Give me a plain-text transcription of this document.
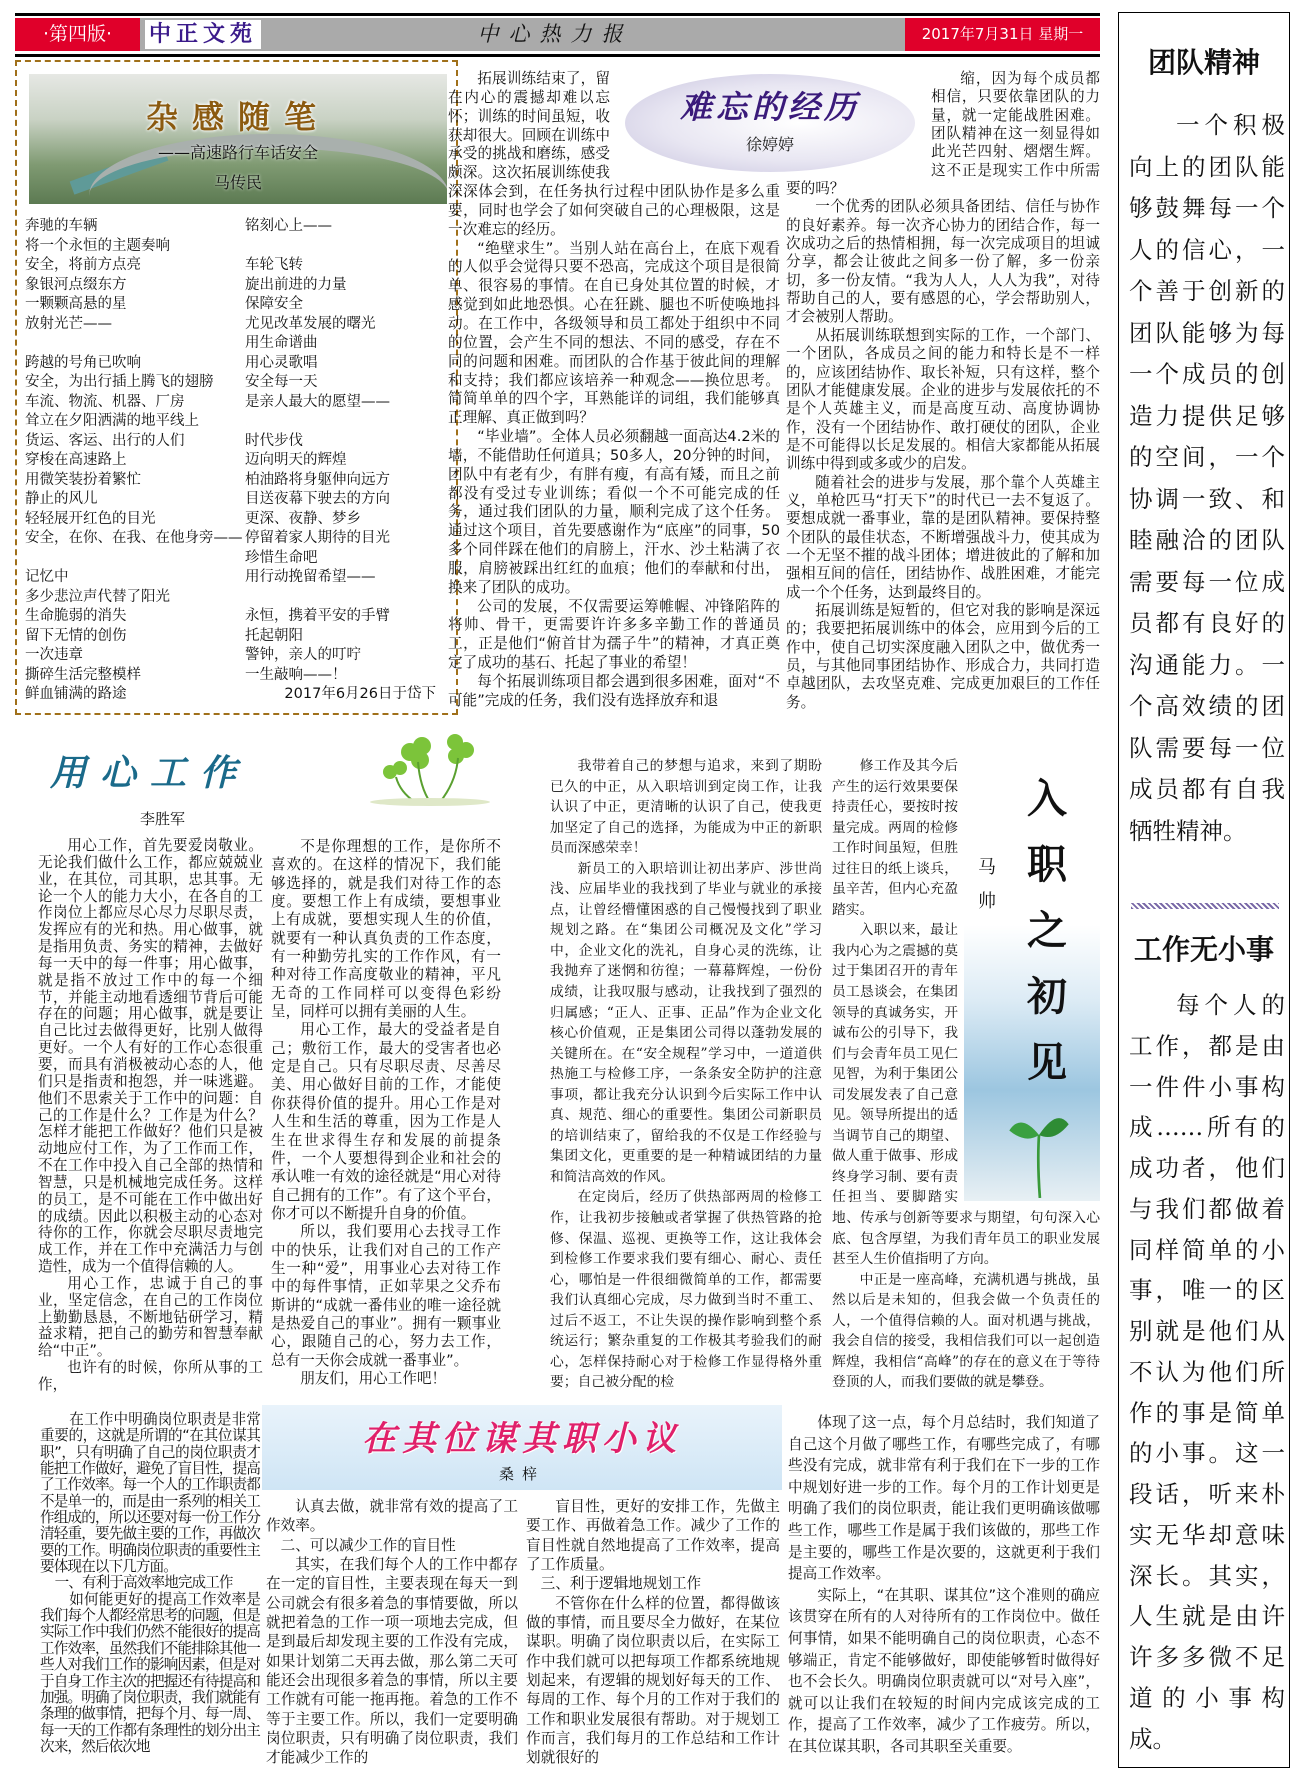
·第四版·	中正文苑	中心热力报	2017年7月31日 星期一
杂感随笔
——高速路行车话安全
马传民
奔驰的车辆
将一个永恒的主题奏响
安全，将前方点亮
象银河点缀东方
一颗颗高悬的星
放射光芒——
跨越的号角已吹响
安全，为出行插上腾飞的翅膀
车流、物流、机器、厂房
耸立在夕阳洒满的地平线上
货运、客运、出行的人们
穿梭在高速路上
用微笑装扮着繁忙
静止的风儿
轻轻展开红色的目光
安全，在你、在我、在他身旁——
记忆中
多少悲泣声代替了阳光
生命脆弱的消失
留下无情的创伤
一次违章
撕碎生活完整模样
鲜血铺满的路途
铭刻心上——
车轮飞转
旋出前进的力量
保障安全
尤见改革发展的曙光
用生命谱曲
用心灵歌唱
安全每一天
是亲人最大的愿望——
时代步伐
迈向明天的辉煌
柏油路将身躯伸向远方
目送夜幕下驶去的方向
更深、夜静、梦乡
停留着家人期待的目光
珍惜生命吧
用行动挽留希望——
永恒，携着平安的手臂
托起朝阳
警钟，亲人的叮咛
一生敲响——！
2017年6月26日于岱下
难忘的经历
徐婷婷

拓展训练结束了，留在内心的震撼却难以忘怀；训练的时间虽短，收获却很大。回顾在训练中承受的挑战和磨练，感受颇深。这次拓展训练使我深深体会到，在任务执行过程中团队协作是多么重要，同时也学会了如何突破自己的心理极限，这是一次难忘的经历。

“绝壁求生”。当别人站在高台上，在底下观看的人似乎会觉得只要不恐高，完成这个项目是很简单、很容易的事情。在自已身处其位置的时候，才感觉到如此地恐惧。心在狂跳、腿也不听使唤地抖动。在工作中，各级领导和员工都处于组织中不同的位置，会产生不同的想法、不同的感受，存在不同的问题和困难。而团队的合作基于彼此间的理解和支持；我们都应该培养一种观念——换位思考。简简单单的四个字，耳熟能详的词组，我们能够真正理解、真正做到吗？

“毕业墙”。全体人员必须翻越一面高达4.2米的墙，不能借助任何道具；50多人，20分钟的时间，团队中有老有少，有胖有瘦，有高有矮，而且之前都没有受过专业训练；看似一个不可能完成的任务，通过我们团队的力量，顺利完成了这个任务。通过这个项目，首先要感谢作为“底座”的同事，50多个同伴踩在他们的肩膀上，汗水、沙土粘满了衣服，肩膀被踩出红红的血痕；他们的奉献和付出，换来了团队的成功。

公司的发展，不仅需要运筹帷幄、冲锋陷阵的将帅、骨干，更需要许许多多辛勤工作的普通员工，正是他们“俯首甘为孺子牛”的精神，才真正奠定了成功的基石、托起了事业的希望！

每个拓展训练项目都会遇到很多困难，面对“不可能”完成的任务，我们没有选择放弃和退

缩，因为每个成员都相信，只要依靠团队的力量，就一定能战胜困难。团队精神在这一刻显得如此光芒四射、熠熠生辉。这不正是现实工作中所需要的吗？

一个优秀的团队必须具备团结、信任与协作的良好素养。每一次齐心协力的团结合作，每一次成功之后的热情相拥，每一次完成项目的坦诚分享，都会让彼此之间多一份了解，多一份亲切，多一份友情。“我为人人，人人为我”，对待帮助自己的人，要有感恩的心，学会帮助别人，才会被别人帮助。

从拓展训练联想到实际的工作，一个部门、一个团队，各成员之间的能力和特长是不一样的，应该团结协作、取长补短，只有这样，整个团队才能健康发展。企业的进步与发展依托的不是个人英雄主义，而是高度互动、高度协调协作，没有一个团结协作、敢打硬仗的团队，企业是不可能得以长足发展的。相信大家都能从拓展训练中得到或多或少的启发。

随着社会的进步与发展，那个靠个人英雄主义，单枪匹马“打天下”的时代已一去不复返了。要想成就一番事业，靠的是团队精神。要保持整个团队的最佳状态，不断增强战斗力，使其成为一个无坚不摧的战斗团体；增进彼此的了解和加强相互间的信任，团结协作、战胜困难，才能完成一个个任务，达到最终目的。

拓展训练是短暂的，但它对我的影响是深远的；我要把拓展训练中的体会，应用到今后的工作中，使自己切实深度融入团队之中，做优秀一员，与其他同事团结协作、形成合力，共同打造卓越团队，去攻坚克难、完成更加艰巨的工作任务。

用心工作
李胜军

用心工作，首先要爱岗敬业。无论我们做什么工作，都应兢兢业业，在其位，司其职，忠其事。无论一个人的能力大小，在各自的工作岗位上都应尽心尽力尽职尽责，发挥应有的光和热。用心做事，就是指用负责、务实的精神，去做好每一天中的每一件事；用心做事，就是指不放过工作中的每一个细节，并能主动地看透细节背后可能存在的问题；用心做事，就是要让自己比过去做得更好，比别人做得更好。一个人有好的工作心态很重要，而具有消极被动心态的人，他们只是指责和抱怨，并一味逃避。他们不思索关于工作中的问题：自己的工作是什么？工作是为什么？怎样才能把工作做好？他们只是被动地应付工作，为了工作而工作，不在工作中投入自己全部的热情和智慧，只是机械地完成任务。这样的员工，是不可能在工作中做出好的成绩。因此以积极主动的心态对待你的工作，你就会尽职尽责地完成工作，并在工作中充满活力与创造性，成为一个值得信赖的人。

用心工作，忠诚于自己的事业，坚定信念，在自己的工作岗位上勤勤恳恳，不断地钻研学习，精益求精，把自己的勤劳和智慧奉献给“中正”。

也许有的时候，你所从事的工作，

不是你理想的工作，是你所不喜欢的。在这样的情况下，我们能够选择的，就是我们对待工作的态度。要想工作上有成绩，要想事业上有成就，要想实现人生的价值，就要有一种认真负责的工作态度，有一种勤劳扎实的工作作风，有一种对待工作高度敬业的精神，平凡无奇的工作同样可以变得色彩纷呈，同样可以拥有美丽的人生。

用心工作，最大的受益者是自己；敷衍工作，最大的受害者也必定是自己。只有尽职尽责、尽善尽美、用心做好目前的工作，才能使你获得价值的提升。用心工作是对人生和生活的尊重，因为工作是人生在世求得生存和发展的前提条件，一个人要想得到企业和社会的承认唯一有效的途径就是“用心对待自己拥有的工作”。有了这个平台，你才可以不断提升自身的价值。

所以，我们要用心去找寻工作中的快乐，让我们对自己的工作产生一种“爱”，用事业心去对待工作中的每件事情，正如苹果之父乔布斯讲的“成就一番伟业的唯一途径就是热爱自己的事业”。拥有一颗事业心，跟随自己的心，努力去工作，总有一天你会成就一番事业”。

朋友们，用心工作吧！

我带着自己的梦想与追求，来到了期盼已久的中正，从入职培训到定岗工作，让我认识了中正，更清晰的认识了自己，使我更加坚定了自己的选择，为能成为中正的新职员而深感荣幸！

新员工的入职培训让初出茅庐、涉世尚浅、应届毕业的我找到了毕业与就业的承接点，让曾经懵懂困惑的自己慢慢找到了职业规划之路。在“集团公司概况及文化”学习中，企业文化的洗礼，自身心灵的洗练，让我抛弃了迷惘和彷徨；一幕幕辉煌，一份份成绩，让我叹服与感动，让我找到了强烈的归属感；“正人、正事、正品”作为企业文化核心价值观，正是集团公司得以蓬勃发展的关键所在。在“安全规程”学习中，一道道供热施工与检修工序，一条条安全防护的注意事项，都让我充分认识到今后实际工作中认真、规范、细心的重要性。集团公司新职员的培训结束了，留给我的不仅是工作经验与集团文化，更重要的是一种精诚团结的力量和简洁高效的作风。

在定岗后，经历了供热部两周的检修工作，让我初步接触或者掌握了供热管路的抢修、保温、巡视、更换等工作，这让我体会到检修工作要求我们要有细心、耐心、责任心，哪怕是一件很细微简单的工作，都需要我们认真细心完成，尽力做到当时不重工、过后不返工，不让失误的操作影响到整个系统运行；繁杂重复的工作极其考验我们的耐心，怎样保持耐心对于检修工作显得格外重要；自己被分配的检

入职之初见
马帅

修工作及其今后产生的运行效果要保持责任心，要按时按量完成。两周的检修工作时间虽短，但胜过往日的纸上谈兵，虽辛苦，但内心充盈踏实。

入职以来，最让我内心为之震撼的莫过于集团召开的青年员工恳谈会，在集团领导的真诚务实，开诚布公的引导下，我们与会青年员工见仁见智，为利于集团公司发展发表了自己意见。领导所提出的适当调节自己的期望、做人重于做事、形成终身学习制、要有责任担当、要脚踏实地、传承与创新等要求与期望，句句深入心底、包含厚望，为我们青年员工的职业发展甚至人生价值指明了方向。

中正是一座高峰，充满机遇与挑战，虽然以后是未知的，但我会做一个负责任的人，一个值得信赖的人。面对机遇与挑战，我会自信的接受，我相信我们可以一起创造辉煌，我相信“高峰”的存在的意义在于等待登顶的人，而我们要做的就是攀登。

在其位谋其职小议
桑梓

在工作中明确岗位职责是非常重要的，这就是所谓的“在其位谋其职”，只有明确了自己的岗位职责才能把工作做好，避免了盲目性，提高了工作效率。每一个人的工作职责都不是单一的，而是由一系列的相关工作组成的，所以还要对每一份工作分清轻重，要先做主要的工作，再做次要的工作。明确岗位职责的重要性主要体现在以下几方面。

一、有利于高效率地完成工作

如何能更好的提高工作效率是我们每个人都经常思考的问题，但是实际工作中我们仍然不能很好的提高工作效率，虽然我们不能排除其他一些人对我们工作的影响因素，但是对于自身工作主次的把握还有待提高和加强。明确了岗位职责，我们就能有条理的做事情，把每个月、每一周、每一天的工作都有条理性的划分出主次来，然后依次地

认真去做，就非常有效的提高了工作效率。

二、可以减少工作的盲目性

其实，在我们每个人的工作中都存在一定的盲目性，主要表现在每天一到公司就会有很多着急的事情要做，所以就把着急的工作一项一项地去完成，但是到最后却发现主要的工作没有完成，如果计划第二天再去做，那么第二天可能还会出现很多着急的事情，所以主要工作就有可能一拖再拖。着急的工作不等于主要工作。所以，我们一定要明确岗位职责，只有明确了岗位职责，我们才能减少工作的

盲目性，更好的安排工作，先做主要工作、再做着急工作。减少了工作的盲目性就自然地提高了工作效率，提高了工作质量。

三、利于逻辑地规划工作

不管你在什么样的位置，都得做该做的事情，而且要尽全力做好，在某位谋职。明确了岗位职责以后，在实际工作中我们就可以把每项工作都系统地规划起来，有逻辑的规划好每天的工作、每周的工作、每个月的工作对于我们的工作和职业发展很有帮助。对于规划工作而言，我们每月的工作总结和工作计划就很好的

体现了这一点，每个月总结时，我们知道了自己这个月做了哪些工作，有哪些完成了，有哪些没有完成，就非常有利于我们在下一步的工作中规划好进一步的工作。每个月的工作计划更是明确了我们的岗位职责，能让我们更明确该做哪些工作，哪些工作是属于我们该做的，那些工作是主要的，哪些工作是次要的，这就更利于我们提高工作效率。

实际上，“在其职、谋其位”这个准则的确应该贯穿在所有的人对待所有的工作岗位中。做任何事情，如果不能明确自己的岗位职责，心态不够端正，肯定不能够做好，即使能够暂时做得好也不会长久。明确岗位职责就可以“对号入座”，就可以让我们在较短的时间内完成该完成的工作，提高了工作效率，减少了工作疲劳。所以，在其位谋其职，各司其职至关重要。

团队精神

一个积极向上的团队能够鼓舞每一个人的信心，一个善于创新的团队能够为每一个成员的创造力提供足够的空间，一个协调一致、和睦融洽的团队需要每一位成员都有良好的沟通能力。一个高效绩的团队需要每一位成员都有自我牺牲精神。

工作无小事

每个人的工作，都是由一件件小事构成……所有的成功者，他们与我们都做着同样简单的小事，唯一的区别就是他们从不认为他们所作的事是简单的小事。这一段话，听来朴实无华却意味深长。其实，人生就是由许许多多微不足道的小事构成。
